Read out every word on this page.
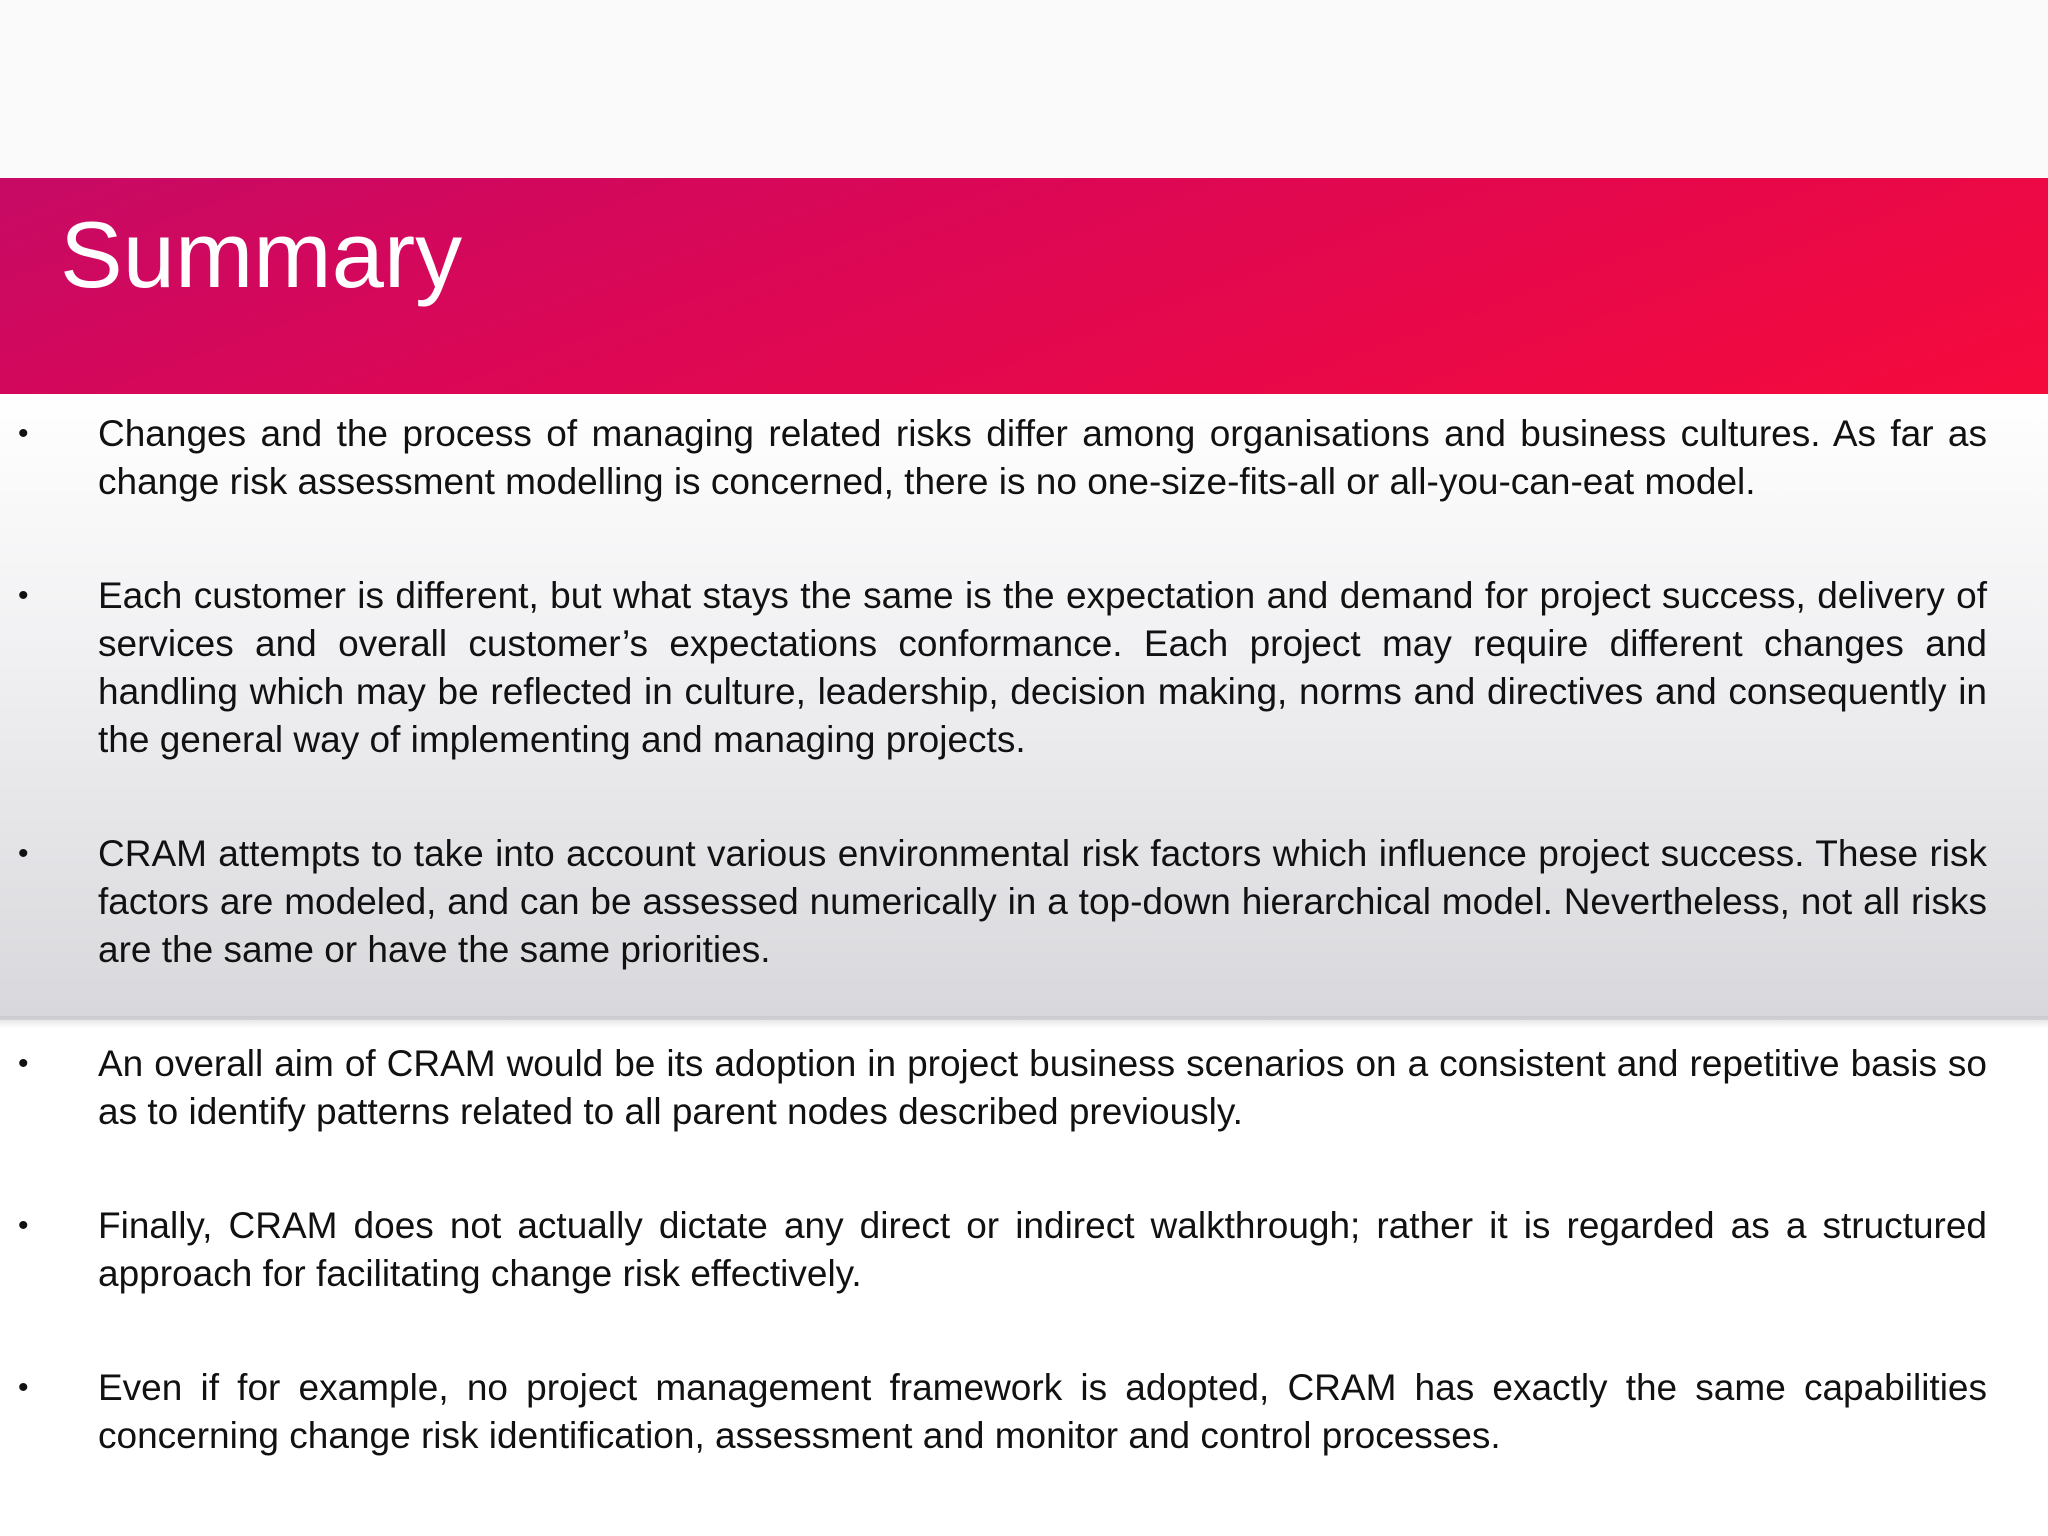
Summary
• Changes and the process of managing related risks differ among organisations and business cultures. As far as change risk assessment modelling is concerned, there is no one-size-fits-all or all-you-can-eat model.

• Each customer is different, but what stays the same is the expectation and demand for project success, delivery of services and overall customer’s expectations conformance. Each project may require different changes and handling which may be reflected in culture, leadership, decision making, norms and directives and consequently in the general way of implementing and managing projects.

• CRAM attempts to take into account various environmental risk factors which influence project success. These risk factors are modeled, and can be assessed numerically in a top-down hierarchical model. Nevertheless, not all risks are the same or have the same priorities.

• An overall aim of CRAM would be its adoption in project business scenarios on a consistent and repetitive basis so as to identify patterns related to all parent nodes described previously.

• Finally, CRAM does not actually dictate any direct or indirect walkthrough; rather it is regarded as a structured approach for facilitating change risk effectively.

• Even if for example, no project management framework is adopted, CRAM has exactly the same capabilities concerning change risk identification, assessment and monitor and control processes.
